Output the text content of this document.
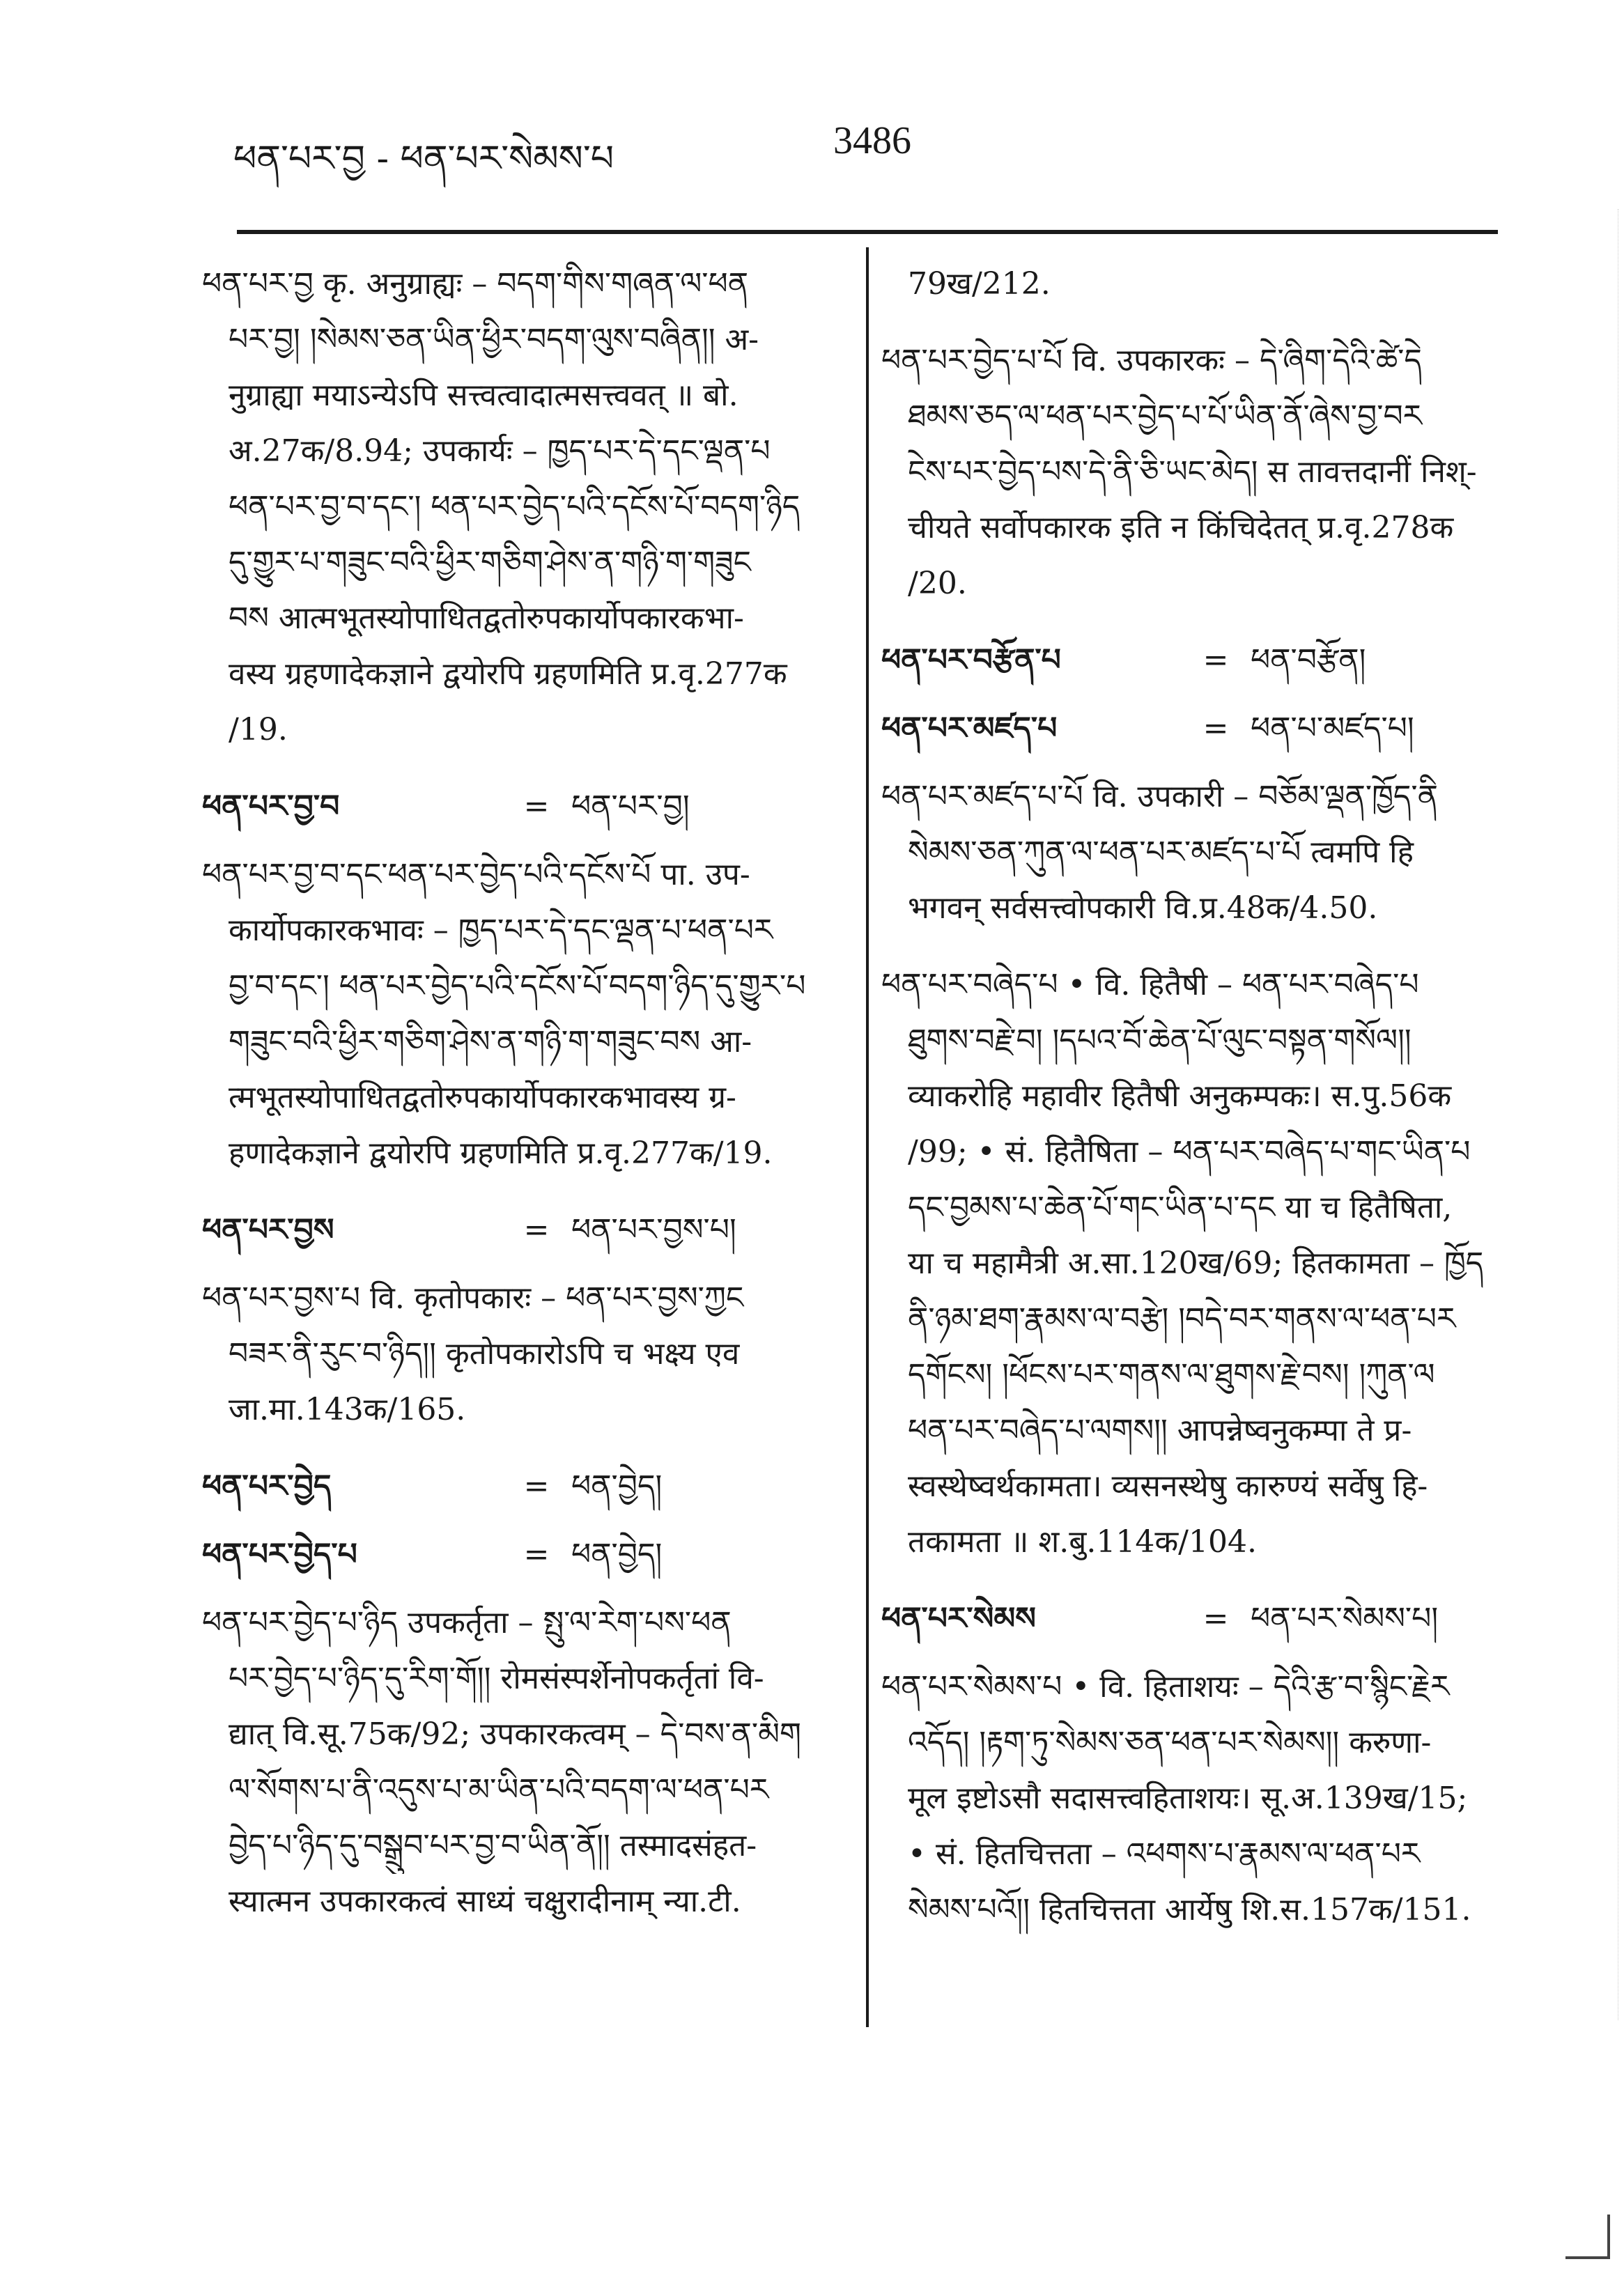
ཕན་པར་བྱ - ཕན་པར་སེམས་པ	3486
ཕན་པར་བྱ कृ. अनुग्राह्यः – བདག་གིས་གཞན་ལ་ཕན
པར་བྱ། །སེམས་ཅན་ཡིན་ཕྱིར་བདག་ལུས་བཞིན།། अ-
नुग्राह्या मयाऽन्येऽपि सत्त्वत्वादात्मसत्त्ववत् ॥ बो.
अ.27क/8.94; उपकार्यः – ཁྱད་པར་དེ་དང་ལྡན་པ
ཕན་པར་བྱ་བ་དང་། ཕན་པར་བྱེད་པའི་དངོས་པོ་བདག་ཉིད
དུ་གྱུར་པ་གཟུང་བའི་ཕྱིར་གཅིག་ཤེས་ན་གཉི་ག་གཟུང
བས आत्मभूतस्योपाधितद्वतोरुपकार्योपकारकभा-
वस्य ग्रहणादेकज्ञाने द्वयोरपि ग्रहणमिति प्र.वृ.277क
/19.
ཕན་པར་བྱ་བ	= ཕན་པར་བྱ།
ཕན་པར་བྱ་བ་དང་ཕན་པར་བྱེད་པའི་དངོས་པོ पा. उप-
कार्योपकारकभावः – ཁྱད་པར་དེ་དང་ལྡན་པ་ཕན་པར
བྱ་བ་དང་། ཕན་པར་བྱེད་པའི་དངོས་པོ་བདག་ཉིད་དུ་གྱུར་པ
གཟུང་བའི་ཕྱིར་གཅིག་ཤེས་ན་གཉི་ག་གཟུང་བས आ-
त्मभूतस्योपाधितद्वतोरुपकार्योपकारकभावस्य ग्र-
हणादेकज्ञाने द्वयोरपि ग्रहणमिति प्र.वृ.277क/19.
ཕན་པར་བྱས	= ཕན་པར་བྱས་པ།
ཕན་པར་བྱས་པ वि. कृतोपकारः – ཕན་པར་བྱས་ཀྱང
བཟར་ནི་རུང་བ་ཉིད།། कृतोपकारोऽपि च भक्ष्य एव
जा.मा.143क/165.
ཕན་པར་བྱེད	= ཕན་བྱེད།
ཕན་པར་བྱེད་པ	= ཕན་བྱེད།
ཕན་པར་བྱེད་པ་ཉིད उपकर्तृता – སྤུ་ལ་རེག་པས་ཕན
པར་བྱེད་པ་ཉིད་དུ་རིག་གོ།། रोमसंस्पर्शेनोपकर्तृतां वि-
द्यात् वि.सू.75क/92; उपकारकत्वम् – དེ་བས་ན་མིག
ལ་སོགས་པ་ནི་འདུས་པ་མ་ཡིན་པའི་བདག་ལ་ཕན་པར
བྱེད་པ་ཉིད་དུ་བསྒྲུབ་པར་བྱ་བ་ཡིན་ནོ།། तस्मादसंहत-
स्यात्मन उपकारकत्वं साध्यं चक्षुरादीनाम् न्या.टी.
79ख/212.
ཕན་པར་བྱེད་པ་པོ वि. उपकारकः – དེ་ཞིག་དེའི་ཚེ་དེ
ཐམས་ཅད་ལ་ཕན་པར་བྱེད་པ་པོ་ཡིན་ནོ་ཞེས་བྱ་བར
ངེས་པར་བྱེད་པས་དེ་ནི་ཅི་ཡང་མེད། स तावत्तदानीं निश्-
चीयते सर्वोपकारक इति न किंचिदेतत् प्र.वृ.278क
/20.
ཕན་པར་བརྩོན་པ	= ཕན་བརྩོན།
ཕན་པར་མཛད་པ	= ཕན་པ་མཛད་པ།
ཕན་པར་མཛད་པ་པོ वि. उपकारी – བཅོམ་ལྡན་ཁྱོད་ནི
སེམས་ཅན་ཀུན་ལ་ཕན་པར་མཛད་པ་པོ त्वमपि हि
भगवन् सर्वसत्त्वोपकारी वि.प्र.48क/4.50.
ཕན་པར་བཞེད་པ • वि. हितैषी – ཕན་པར་བཞེད་པ
ཐུགས་བརྗེ་བ། །དཔའ་བོ་ཆེན་པོ་ལུང་བསྟན་གསོལ།།
व्याकरोहि महावीर हितैषी अनुकम्पकः। स.पु.56क
/99; • सं. हितैषिता – ཕན་པར་བཞེད་པ་གང་ཡིན་པ
དང་བྱམས་པ་ཆེན་པོ་གང་ཡིན་པ་དང या च हितैषिता,
या च महामैत्री अ.सा.120ख/69; हितकामता – ཁྱོད
ནི་ཉམ་ཐག་རྣམས་ལ་བརྩེ། །བདེ་བར་གནས་ལ་ཕན་པར
དགོངས། །ཕོངས་པར་གནས་ལ་ཐུགས་རྗེ་བས། །ཀུན་ལ
ཕན་པར་བཞེད་པ་ལགས།། आपन्नेष्वनुकम्पा ते प्र-
स्वस्थेष्वर्थकामता। व्यसनस्थेषु कारुण्यं सर्वेषु हि-
तकामता ॥ श.बु.114क/104.
ཕན་པར་སེམས	= ཕན་པར་སེམས་པ།
ཕན་པར་སེམས་པ • वि. हिताशयः – དེའི་རྩ་བ་སྙིང་རྗེར
འདོད། །རྟག་ཏུ་སེམས་ཅན་ཕན་པར་སེམས།། करुणा-
मूल इष्टोऽसौ सदासत्त्वहिताशयः। सू.अ.139ख/15;
• सं. हितचित्तता – འཕགས་པ་རྣམས་ལ་ཕན་པར
སེམས་པའོ།། हितचित्तता आर्येषु शि.स.157क/151.
